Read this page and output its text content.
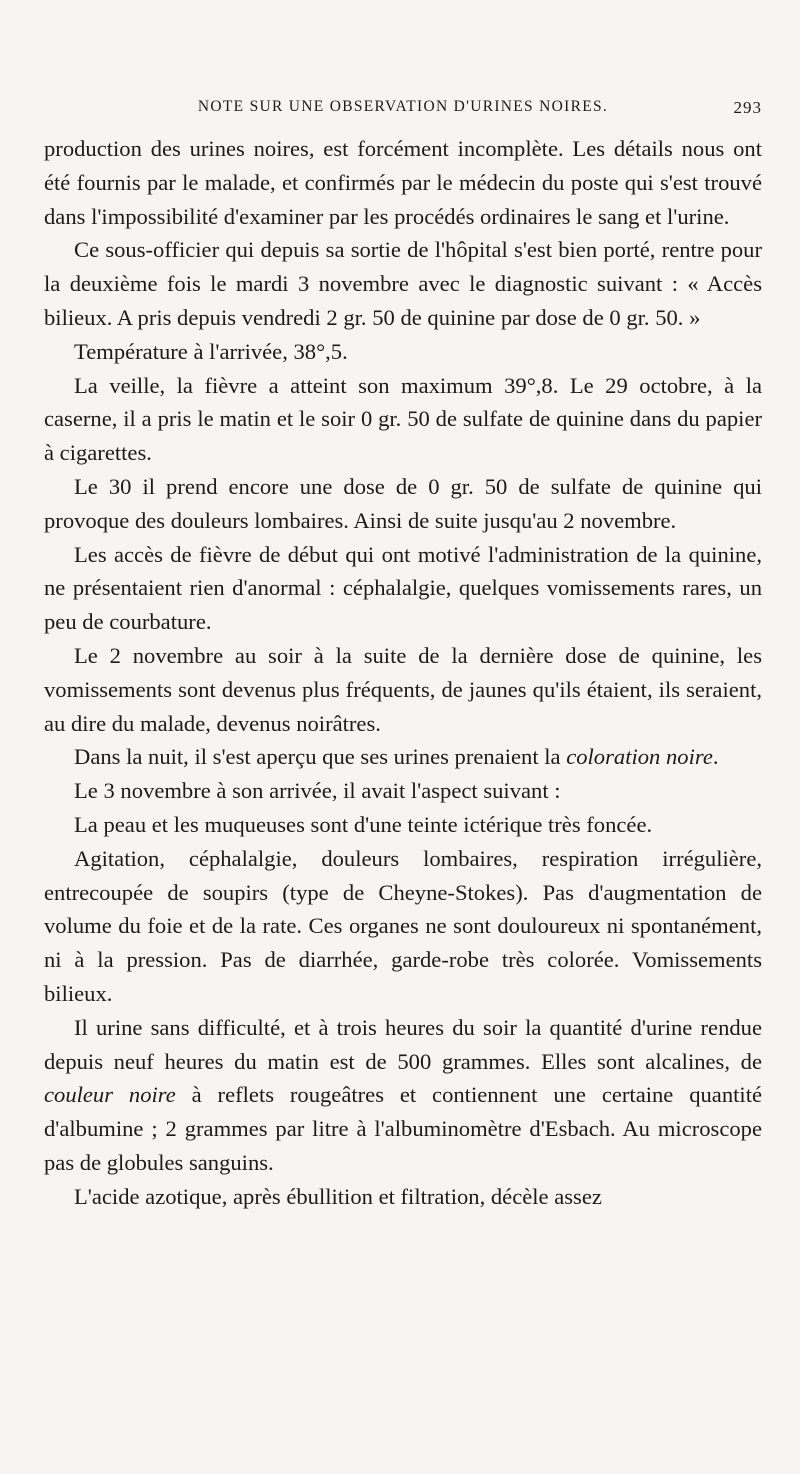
NOTE SUR UNE OBSERVATION D'URINES NOIRES.	293

production des urines noires, est forcément incomplète. Les détails nous ont été fournis par le malade, et confirmés par le médecin du poste qui s'est trouvé dans l'impossibilité d'examiner par les procédés ordinaires le sang et l'urine.

Ce sous-officier qui depuis sa sortie de l'hôpital s'est bien porté, rentre pour la deuxième fois le mardi 3 novembre avec le diagnostic suivant : « Accès bilieux. A pris depuis vendredi 2 gr. 50 de quinine par dose de 0 gr. 50. »

Température à l'arrivée, 38°,5.

La veille, la fièvre a atteint son maximum 39°,8. Le 29 octobre, à la caserne, il a pris le matin et le soir 0 gr. 50 de sulfate de quinine dans du papier à cigarettes.

Le 30 il prend encore une dose de 0 gr. 50 de sulfate de quinine qui provoque des douleurs lombaires. Ainsi de suite jusqu'au 2 novembre.

Les accès de fièvre de début qui ont motivé l'administration de la quinine, ne présentaient rien d'anormal : céphalalgie, quelques vomissements rares, un peu de courbature.

Le 2 novembre au soir à la suite de la dernière dose de quinine, les vomissements sont devenus plus fréquents, de jaunes qu'ils étaient, ils seraient, au dire du malade, devenus noirâtres.

Dans la nuit, il s'est aperçu que ses urines prenaient la coloration noire.

Le 3 novembre à son arrivée, il avait l'aspect suivant :

La peau et les muqueuses sont d'une teinte ictérique très foncée.

Agitation, céphalalgie, douleurs lombaires, respiration irrégulière, entrecoupée de soupirs (type de Cheyne-Stokes). Pas d'augmentation de volume du foie et de la rate. Ces organes ne sont douloureux ni spontanément, ni à la pression. Pas de diarrhée, garde-robe très colorée. Vomissements bilieux.

Il urine sans difficulté, et à trois heures du soir la quantité d'urine rendue depuis neuf heures du matin est de 500 grammes. Elles sont alcalines, de couleur noire à reflets rougeâtres et contiennent une certaine quantité d'albumine ; 2 grammes par litre à l'albuminomètre d'Esbach. Au microscope pas de globules sanguins.

L'acide azotique, après ébullition et filtration, décèle assez
